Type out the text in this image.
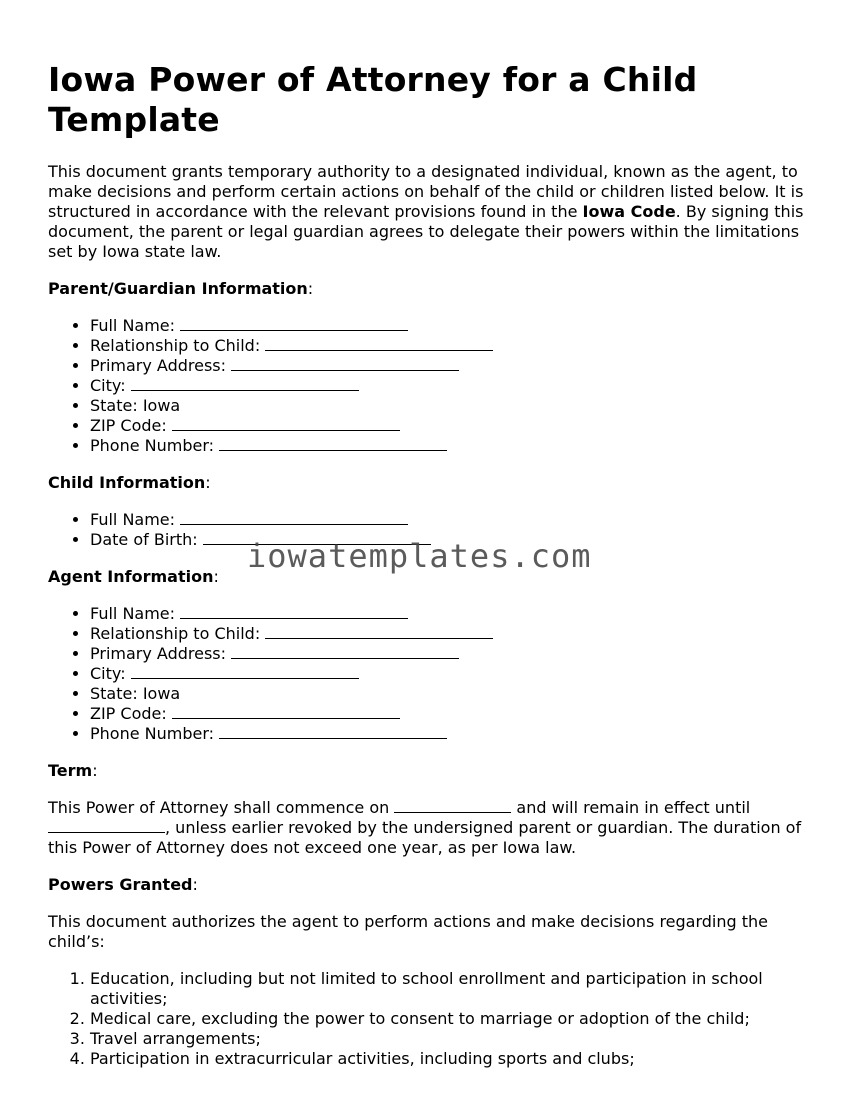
Iowa Power of Attorney for a Child Template

This document grants temporary authority to a designated individual, known as the agent, to make decisions and perform certain actions on behalf of the child or children listed below. It is structured in accordance with the relevant provisions found in the Iowa Code. By signing this document, the parent or legal guardian agrees to delegate their powers within the limitations set by Iowa state law.

Parent/Guardian Information:

• Full Name:
• Relationship to Child:
• Primary Address:
• City:
• State: Iowa
• ZIP Code:
• Phone Number:

Child Information:

• Full Name:
• Date of Birth:

Agent Information:

• Full Name:
• Relationship to Child:
• Primary Address:
• City:
• State: Iowa
• ZIP Code:
• Phone Number:

Term:

This Power of Attorney shall commence on	and will remain in effect until , unless earlier revoked by the undersigned parent or guardian. The duration of this Power of Attorney does not exceed one year, as per Iowa law.

Powers Granted:

This document authorizes the agent to perform actions and make decisions regarding the child’s:

1. Education, including but not limited to school enrollment and participation in school activities;
2. Medical care, excluding the power to consent to marriage or adoption of the child;
3. Travel arrangements;
4. Participation in extracurricular activities, including sports and clubs;
iowatemplates.com
